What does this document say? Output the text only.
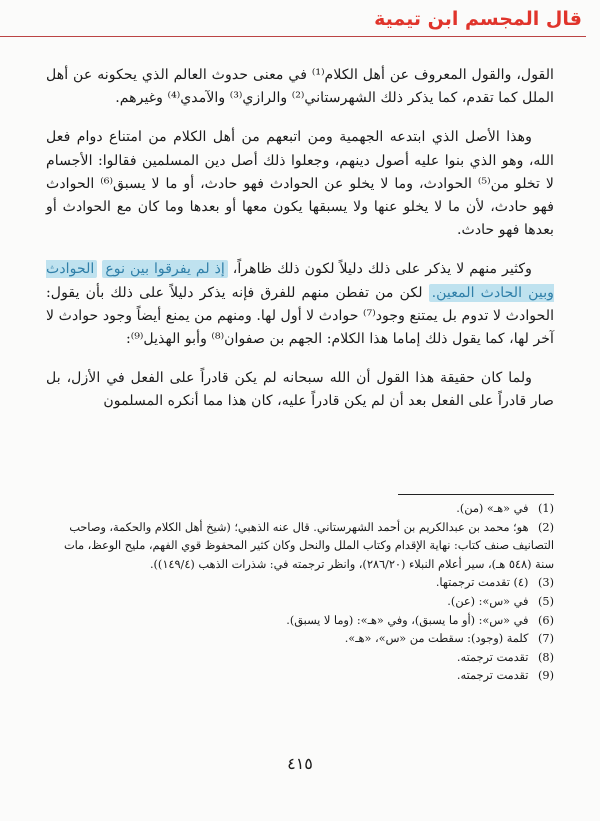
قال المجسم ابن تيمية

القول، والقول المعروف عن أهل الكلام⁽¹⁾ في معنى حدوث العالم الذي يحكونه عن أهل الملل كما تقدم، كما يذكر ذلك الشهرستاني⁽²⁾ والرازي⁽³⁾ والآمدي⁽⁴⁾ وغيرهم.

وهذا الأصل الذي ابتدعه الجهمية ومن اتبعهم من أهل الكلام من امتناع دوام فعل الله، وهو الذي بنوا عليه أصول دينهم، وجعلوا ذلك أصل دين المسلمين فقالوا: الأجسام لا تخلو من⁽⁵⁾ الحوادث، وما لا يخلو عن الحوادث فهو حادث، أو ما لا يسبق⁽⁶⁾ الحوادث فهو حادث، لأن ما لا يخلو عنها ولا يسبقها يكون معها أو بعدها وما كان مع الحوادث أو بعدها فهو حادث.

وكثير منهم لا يذكر على ذلك دليلاً لكون ذلك ظاهراً، إذ لم يفرقوا بين نوع الحوادث وبين الحادث المعين. لكن من تفطن منهم للفرق فإنه يذكر دليلاً على ذلك بأن يقول: الحوادث لا تدوم بل يمتنع وجود⁽⁷⁾ حوادث لا أول لها. ومنهم من يمنع أيضاً وجود حوادث لا آخر لها، كما يقول ذلك إماما هذا الكلام: الجهم بن صفوان⁽⁸⁾ وأبو الهذيل⁽⁹⁾:

ولما كان حقيقة هذا القول أن الله سبحانه لم يكن قادراً على الفعل في الأزل، بل صار قادراً على الفعل بعد أن لم يكن قادراً عليه، كان هذا مما أنكره المسلمون

(1) في «هـ» (من).

(2) هو؛ محمد بن عبدالكريم بن أحمد الشهرستاني. قال عنه الذهبي؛ (شيخ أهل الكلام والحكمة، وصاحب التصانيف صنف كتاب: نهاية الإقدام وكتاب الملل والنحل وكان كثير المحفوظ قوي الفهم، مليح الوعظ، مات سنة (٥٤٨ هـ)، سير أعلام النبلاء (٢٨٦/٢٠)، وانظر ترجمته في: شذرات الذهب (١٤٩/٤)).

(3) (٤) تقدمت ترجمتها.

(5) في «س»: (عن).

(6) في «س»: (أو ما يسبق)، وفي «هـ»: (وما لا يسبق).

(7) كلمة (وجود): سقطت من «س»، «هـ».

(8) تقدمت ترجمته.

(9) تقدمت ترجمته.

٤١٥
